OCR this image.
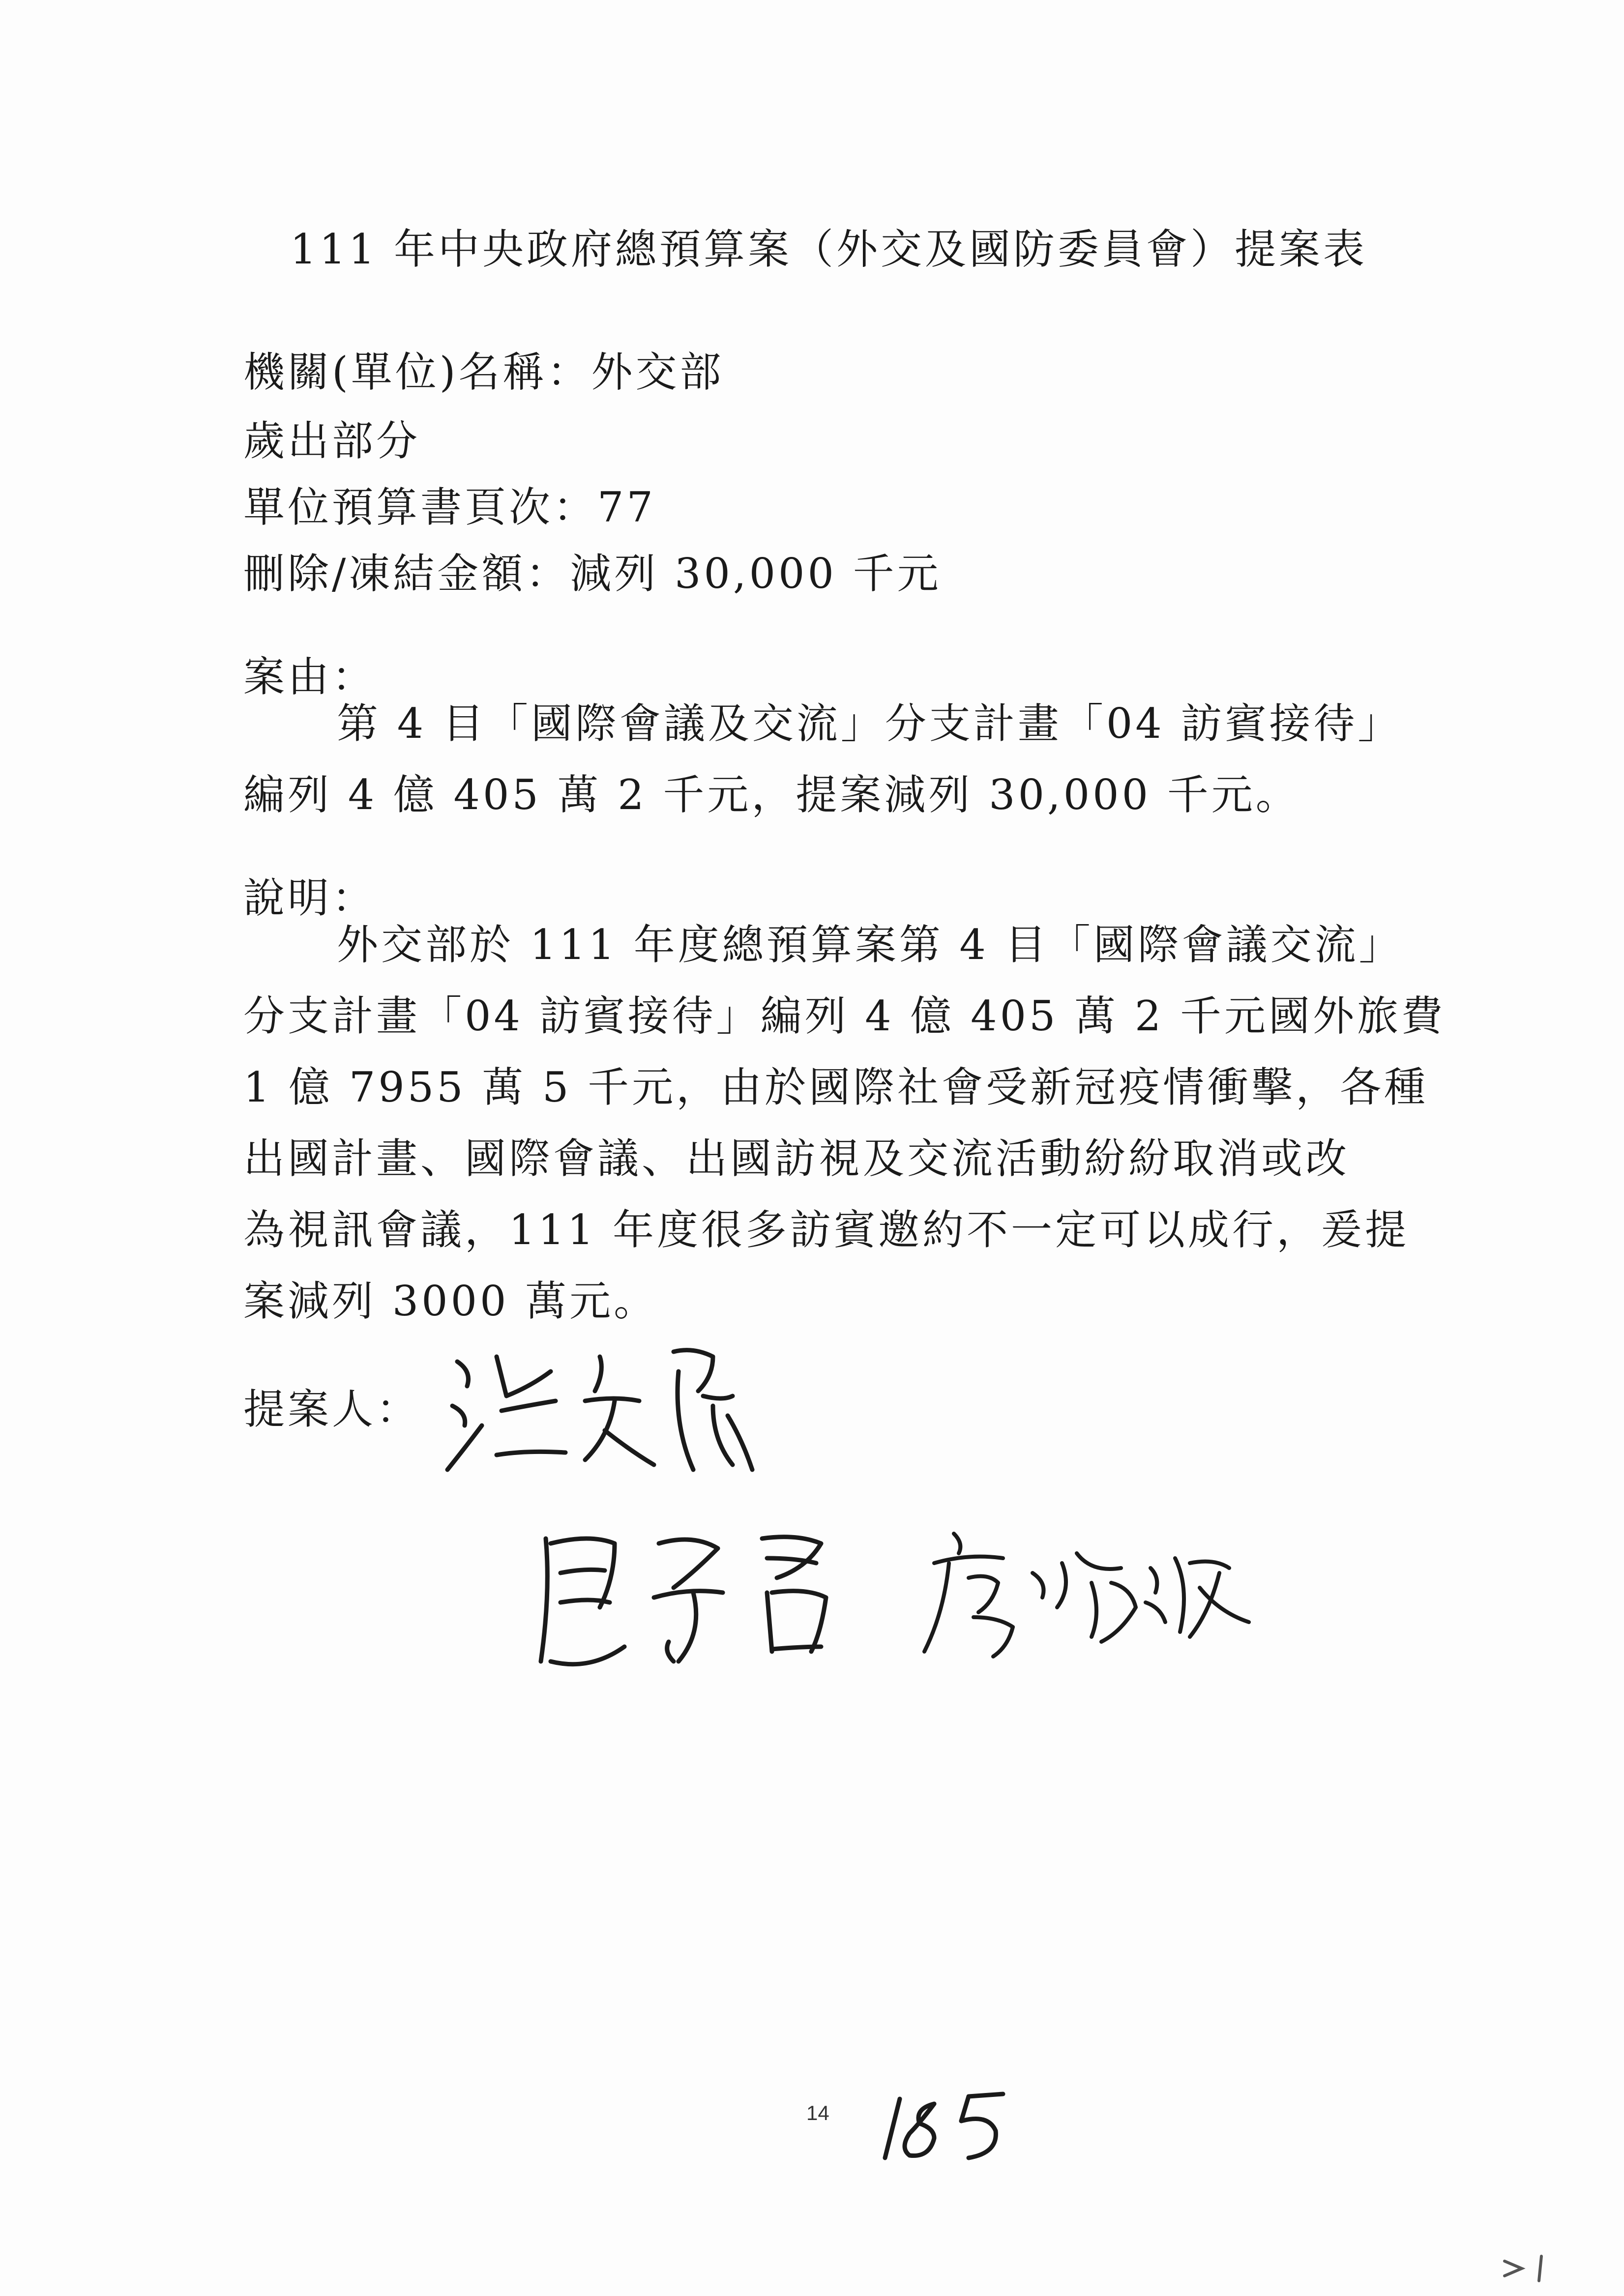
111 年中央政府總預算案（外交及國防委員會）提案表
機關(單位)名稱：外交部
歲出部分
單位預算書頁次：77
刪除/凍結金額：減列 30,000 千元
案由：
第 4 目「國際會議及交流」分支計畫「04 訪賓接待」
編列 4 億 405 萬 2 千元，提案減列 30,000 千元。
說明：
外交部於 111 年度總預算案第 4 目「國際會議交流」
分支計畫「04 訪賓接待」編列 4 億 405 萬 2 千元國外旅費
1 億 7955 萬 5 千元，由於國際社會受新冠疫情衝擊，各種
出國計畫、國際會議、出國訪視及交流活動紛紛取消或改
為視訊會議，111 年度很多訪賓邀約不一定可以成行，爰提
案減列 3000 萬元。
提案人：
14
